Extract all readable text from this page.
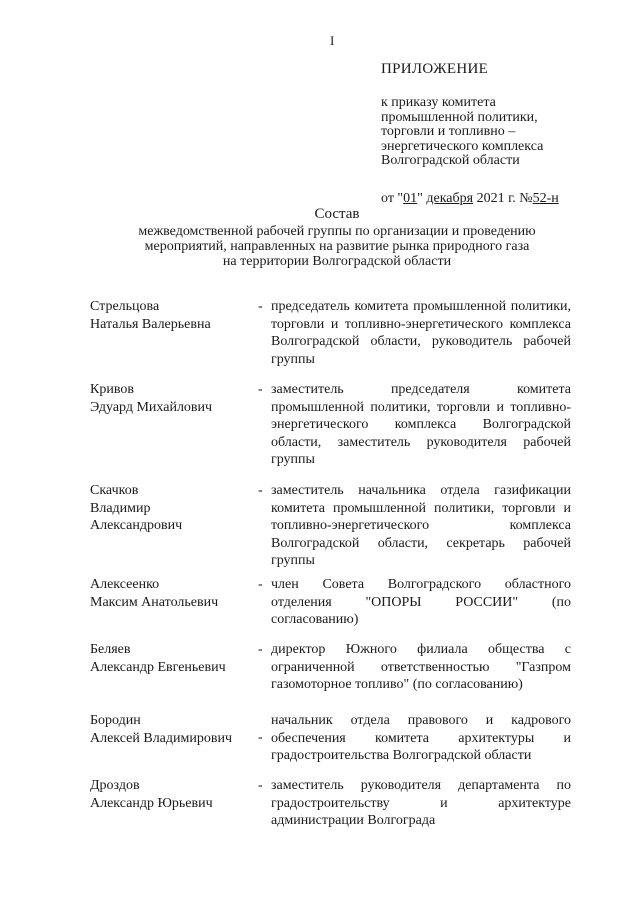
I
ПРИЛОЖЕНИЕ
к приказу комитета
промышленной политики,
торговли и топливно –
энергетического комплекса
Волгоградской области
от "01" декабря 2021 г. №52-н
Состав
межведомственной рабочей группы по организации и проведению
мероприятий, направленных на развитие рынка природного газа
на территории Волгоградской области
Стрельцова
Наталья Валерьевна
- председатель комитета промышленной политики, торговли и топливно-энергетического комплекса Волгоградской области, руководитель рабочей группы
Кривов
Эдуард Михайлович
- заместитель председателя комитета промышленной политики, торговли и топливно-энергетического комплекса Волгоградской области, заместитель руководителя рабочей группы
Скачков
Владимир
Александрович
- заместитель начальника отдела газификации комитета промышленной политики, торговли и топливно-энергетического комплекса Волгоградской области, секретарь рабочей группы
Алексеенко
Максим Анатольевич
- член Совета Волгоградского областного отделения "ОПОРЫ РОССИИ" (по согласованию)
Беляев
Александр Евгеньевич
- директор Южного филиала общества с ограниченной ответственностью "Газпром газомоторное топливо" (по согласованию)
Бородин
Алексей Владимирович	-
начальник отдела правового и кадрового обеспечения комитета архитектуры и градостроительства Волгоградской области
Дроздов
Александр Юрьевич
- заместитель руководителя департамента по градостроительству и архитектуре администрации Волгограда
